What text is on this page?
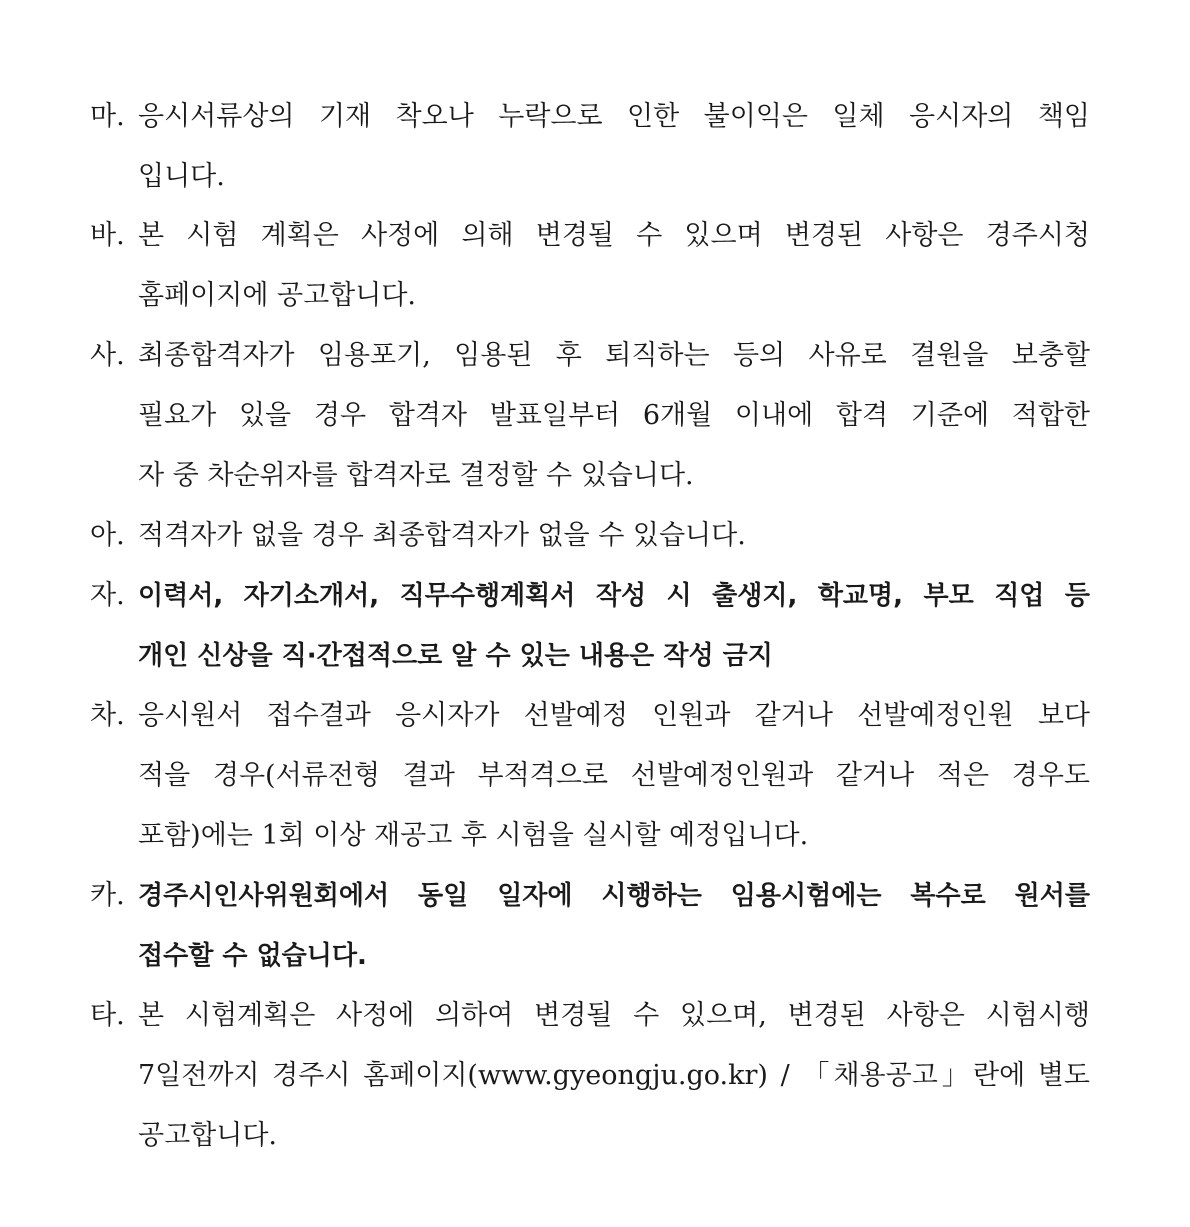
마. 응시서류상의 기재 착오나 누락으로 인한 불이익은 일체 응시자의 책임
입니다.
바. 본 시험 계획은 사정에 의해 변경될 수 있으며 변경된 사항은 경주시청
홈페이지에 공고합니다.
사. 최종합격자가 임용포기, 임용된 후 퇴직하는 등의 사유로 결원을 보충할
필요가 있을 경우 합격자 발표일부터 6개월 이내에 합격 기준에 적합한
자 중 차순위자를 합격자로 결정할 수 있습니다.
아. 적격자가 없을 경우 최종합격자가 없을 수 있습니다.
자. 이력서, 자기소개서, 직무수행계획서 작성 시 출생지, 학교명, 부모 직업 등
개인 신상을 직·간접적으로 알 수 있는 내용은 작성 금지
차. 응시원서 접수결과 응시자가 선발예정 인원과 같거나 선발예정인원 보다
적을 경우(서류전형 결과 부적격으로 선발예정인원과 같거나 적은 경우도
포함)에는 1회 이상 재공고 후 시험을 실시할 예정입니다.
카. 경주시인사위원회에서 동일 일자에 시행하는 임용시험에는 복수로 원서를
접수할 수 없습니다.
타. 본 시험계획은 사정에 의하여 변경될 수 있으며, 변경된 사항은 시험시행
7일전까지 경주시 홈페이지(www.gyeongju.go.kr) / 「채용공고」란에 별도
공고합니다.
